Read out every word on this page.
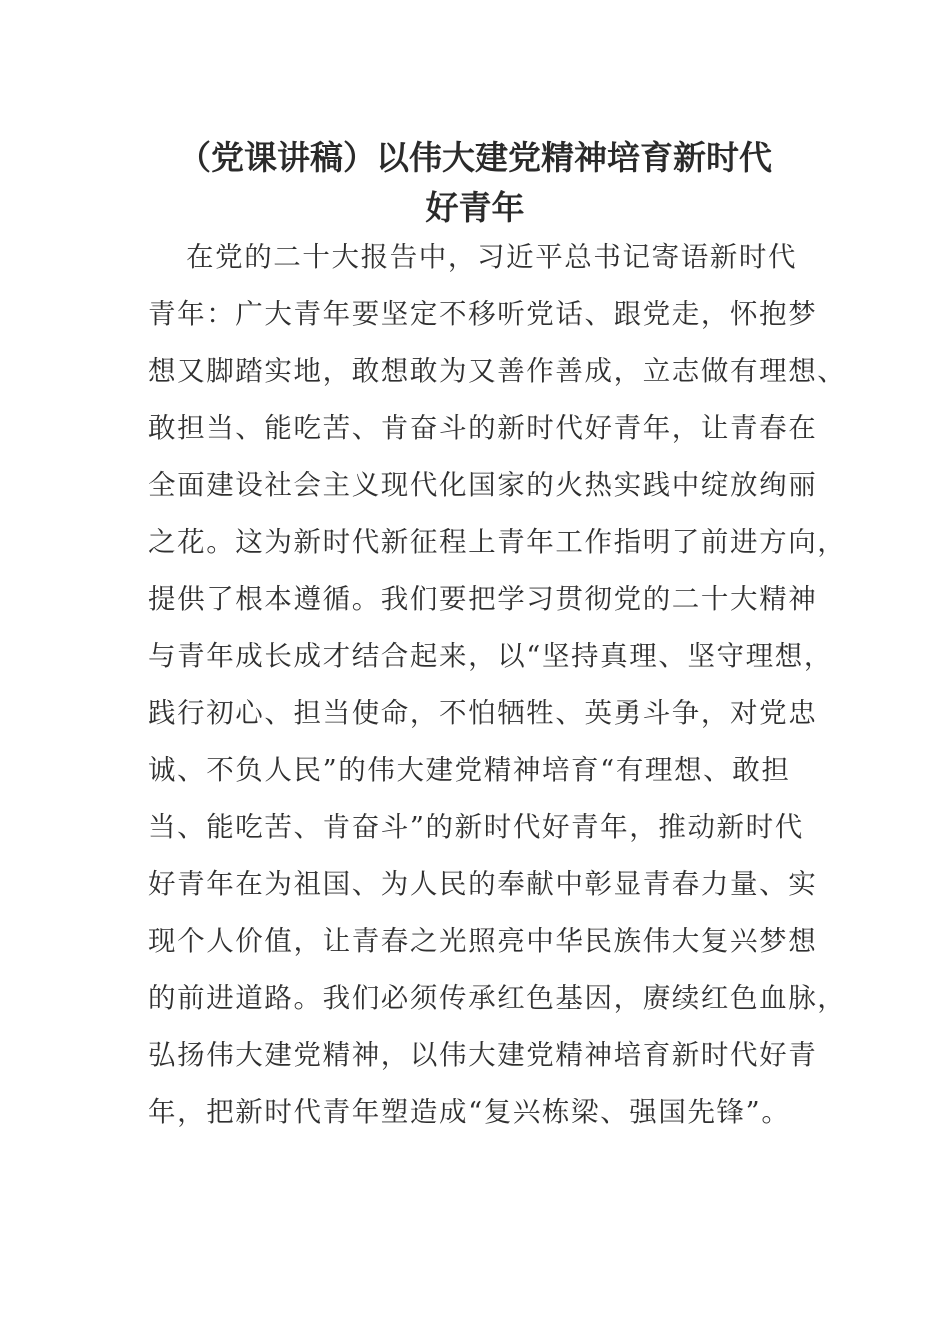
（党课讲稿）以伟大建党精神培育新时代
好青年
在党的二十大报告中，习近平总书记寄语新时代
青年：广大青年要坚定不移听党话、跟党走，怀抱梦
想又脚踏实地，敢想敢为又善作善成，立志做有理想、
敢担当、能吃苦、肯奋斗的新时代好青年，让青春在
全面建设社会主义现代化国家的火热实践中绽放绚丽
之花。这为新时代新征程上青年工作指明了前进方向，
提供了根本遵循。我们要把学习贯彻党的二十大精神
与青年成长成才结合起来，以“坚持真理、坚守理想，
践行初心、担当使命，不怕牺牲、英勇斗争，对党忠
诚、不负人民”的伟大建党精神培育“有理想、敢担
当、能吃苦、肯奋斗”的新时代好青年，推动新时代
好青年在为祖国、为人民的奉献中彰显青春力量、实
现个人价值，让青春之光照亮中华民族伟大复兴梦想
的前进道路。我们必须传承红色基因，赓续红色血脉，
弘扬伟大建党精神，以伟大建党精神培育新时代好青
年，把新时代青年塑造成“复兴栋梁、强国先锋”。
